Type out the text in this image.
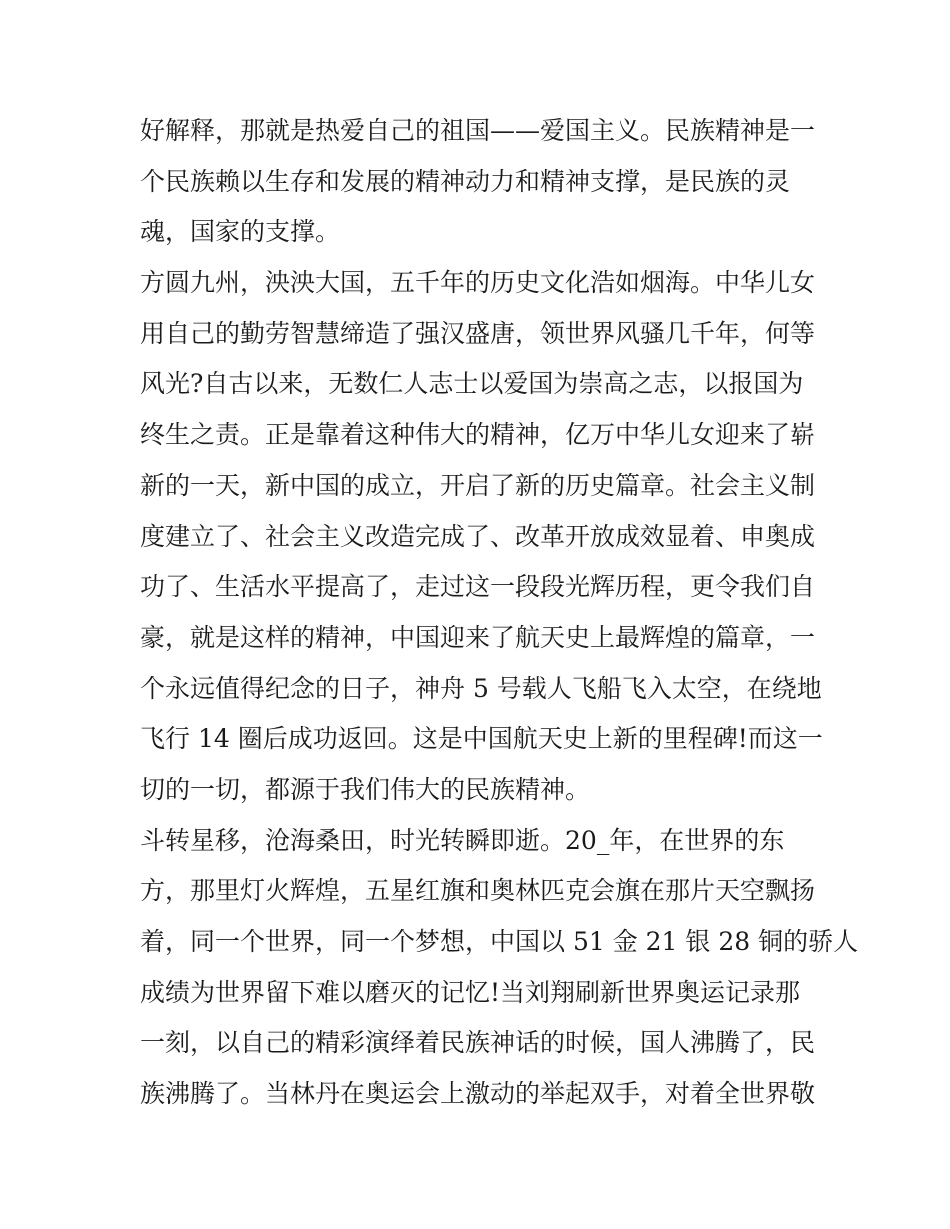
好解释，那就是热爱自己的祖国——爱国主义。民族精神是一
个民族赖以生存和发展的精神动力和精神支撑，是民族的灵
魂，国家的支撑。
方圆九州，泱泱大国，五千年的历史文化浩如烟海。中华儿女
用自己的勤劳智慧缔造了强汉盛唐，领世界风骚几千年，何等
风光?自古以来，无数仁人志士以爱国为崇高之志，以报国为
终生之责。正是靠着这种伟大的精神，亿万中华儿女迎来了崭
新的一天，新中国的成立，开启了新的历史篇章。社会主义制
度建立了、社会主义改造完成了、改革开放成效显着、申奥成
功了、生活水平提高了，走过这一段段光辉历程，更令我们自
豪，就是这样的精神，中国迎来了航天史上最辉煌的篇章，一
个永远值得纪念的日子，神舟 5 号载人飞船飞入太空，在绕地
飞行 14 圈后成功返回。这是中国航天史上新的里程碑!而这一
切的一切，都源于我们伟大的民族精神。
斗转星移，沧海桑田，时光转瞬即逝。20_年，在世界的东
方，那里灯火辉煌，五星红旗和奥林匹克会旗在那片天空飘扬
着，同一个世界，同一个梦想，中国以 51 金 21 银 28 铜的骄人
成绩为世界留下难以磨灭的记忆!当刘翔刷新世界奥运记录那
一刻，以自己的精彩演绎着民族神话的时候，国人沸腾了，民
族沸腾了。当林丹在奥运会上激动的举起双手，对着全世界敬
